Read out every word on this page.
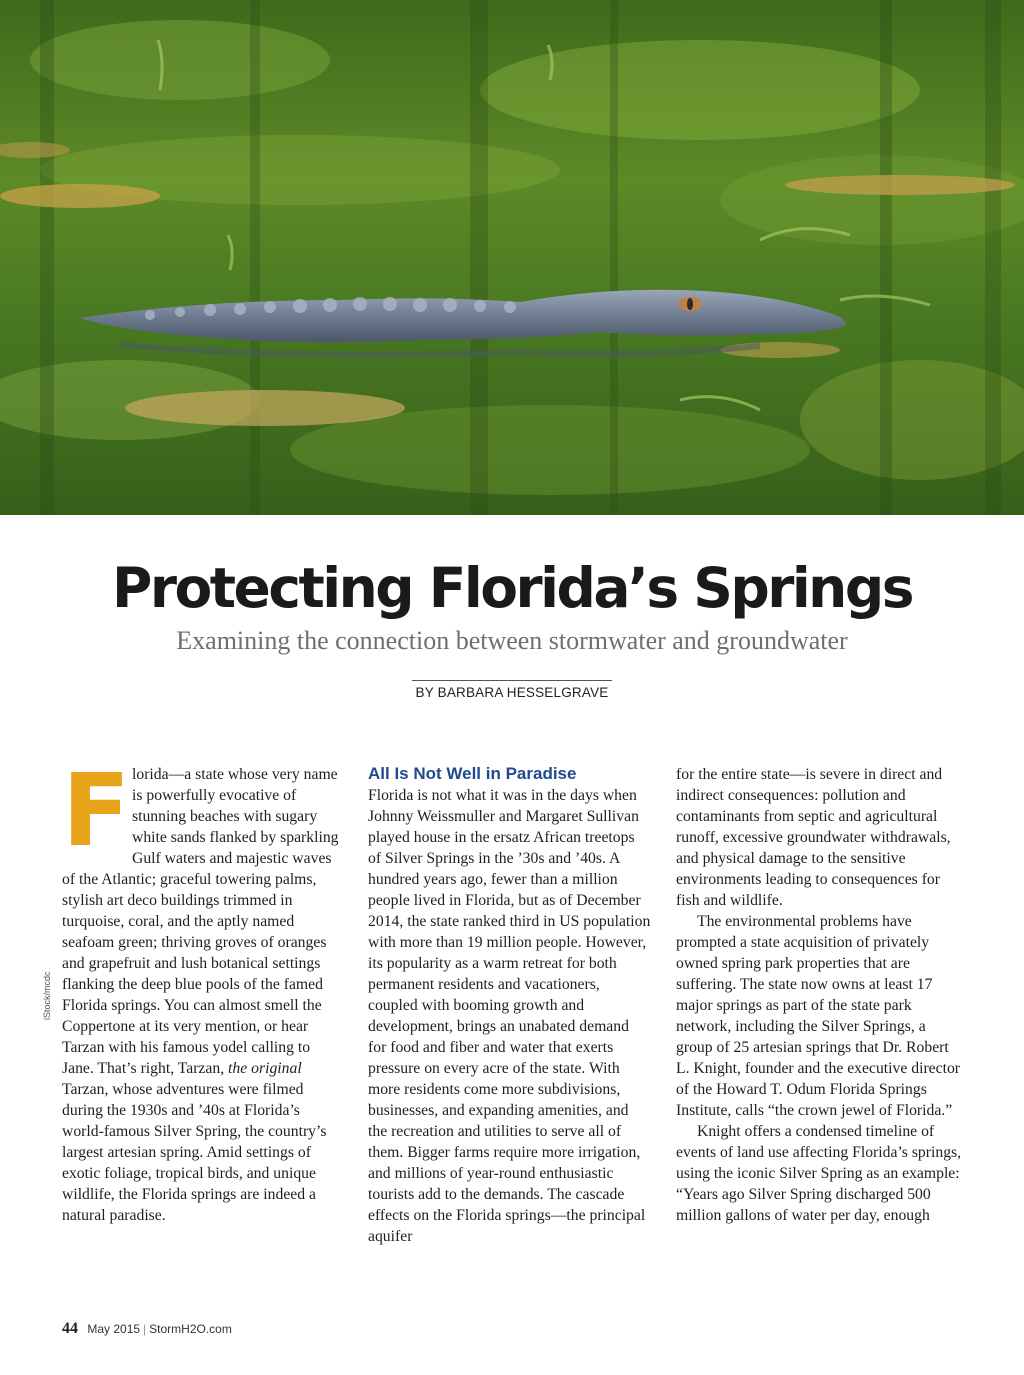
Protecting Florida’s Springs
Examining the connection between stormwater and groundwater
BY BARBARA HESSELGRAVE
iStock/mcdc

Florida—a state whose very name is powerfully evocative of stunning beaches with sugary white sands flanked by sparkling Gulf waters and majestic waves of the Atlantic; graceful towering palms, stylish art deco buildings trimmed in turquoise, coral, and the aptly named seafoam green; thriving groves of oranges and grapefruit and lush botanical settings flanking the deep blue pools of the famed Florida springs. You can almost smell the Coppertone at its very mention, or hear Tarzan with his famous yodel calling to Jane. That’s right, Tarzan, the original Tarzan, whose adventures were filmed during the 1930s and ’40s at Florida’s world-famous Silver Spring, the country’s largest artesian spring. Amid settings of exotic foliage, tropical birds, and unique wildlife, the Florida springs are indeed a natural paradise.

All Is Not Well in Paradise

Florida is not what it was in the days when Johnny Weissmuller and Margaret Sullivan played house in the ersatz African treetops of Silver Springs in the ’30s and ’40s. A hundred years ago, fewer than a million people lived in Florida, but as of December 2014, the state ranked third in US population with more than 19 million people. However, its popularity as a warm retreat for both permanent residents and vacationers, coupled with booming growth and development, brings an unabated demand for food and fiber and water that exerts pressure on every acre of the state. With more residents come more subdivisions, businesses, and expanding amenities, and the recreation and utilities to serve all of them. Bigger farms require more irrigation, and millions of year-round enthusiastic tourists add to the demands. The cascade effects on the Florida springs—the principal aquifer

for the entire state—is severe in direct and indirect consequences: pollution and contaminants from septic and agricultural runoff, excessive groundwater withdrawals, and physical damage to the sensitive environments leading to consequences for fish and wildlife.

The environmental problems have prompted a state acquisition of privately owned spring park properties that are suffering. The state now owns at least 17 major springs as part of the state park network, including the Silver Springs, a group of 25 artesian springs that Dr. Robert L. Knight, founder and the executive director of the Howard T. Odum Florida Springs Institute, calls “the crown jewel of Florida.”

Knight offers a condensed timeline of events of land use affecting Florida’s springs, using the iconic Silver Spring as an example: “Years ago Silver Spring discharged 500 million gallons of water per day, enough

44 May 2015 | StormH2O.com
